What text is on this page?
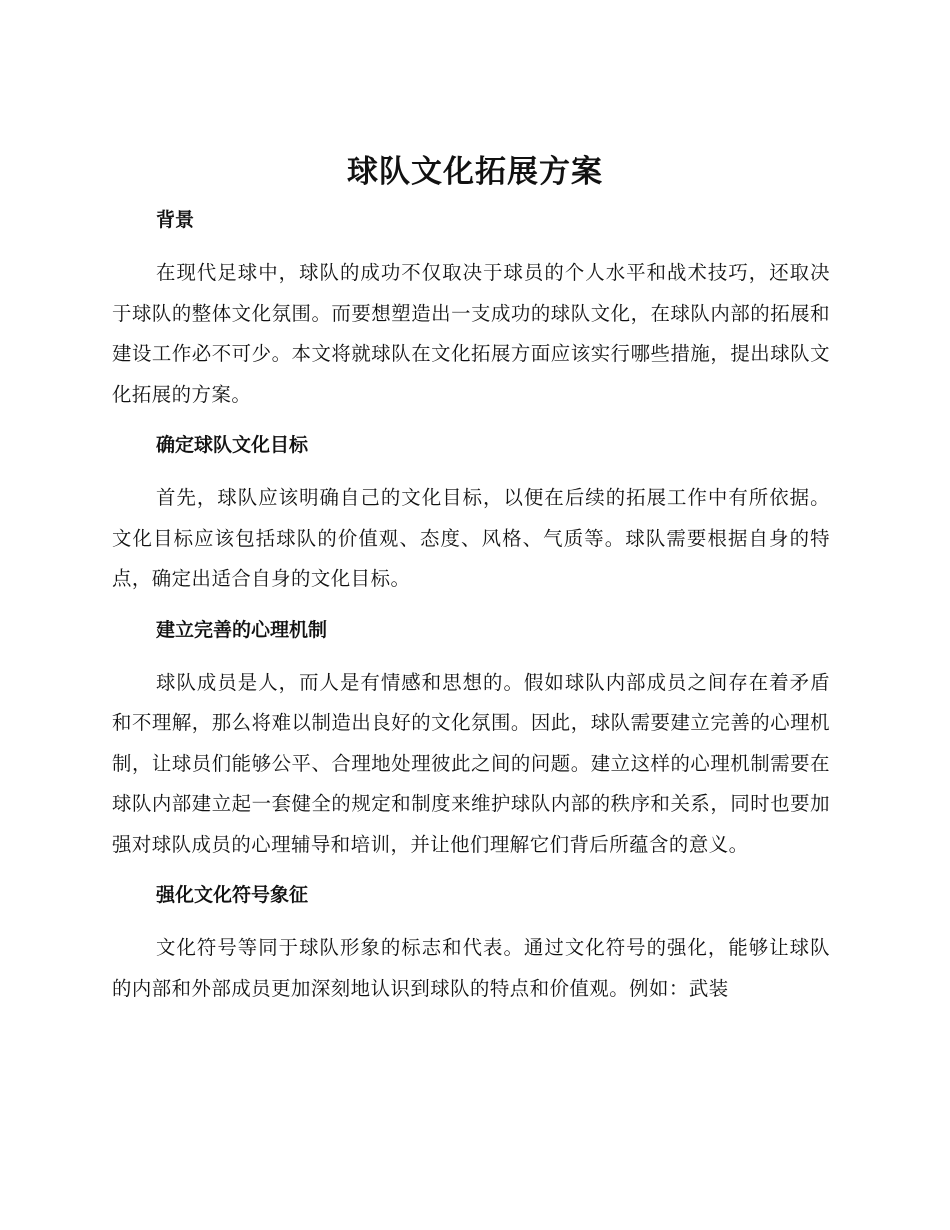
球队文化拓展方案
背景

在现代足球中，球队的成功不仅取决于球员的个人水平和战术技巧，还取决于球队的整体文化氛围。而要想塑造出一支成功的球队文化，在球队内部的拓展和建设工作必不可少。本文将就球队在文化拓展方面应该实行哪些措施，提出球队文化拓展的方案。

确定球队文化目标

首先，球队应该明确自己的文化目标，以便在后续的拓展工作中有所依据。文化目标应该包括球队的价值观、态度、风格、气质等。球队需要根据自身的特点，确定出适合自身的文化目标。

建立完善的心理机制

球队成员是人，而人是有情感和思想的。假如球队内部成员之间存在着矛盾和不理解，那么将难以制造出良好的文化氛围。因此，球队需要建立完善的心理机制，让球员们能够公平、合理地处理彼此之间的问题。建立这样的心理机制需要在球队内部建立起一套健全的规定和制度来维护球队内部的秩序和关系，同时也要加强对球队成员的心理辅导和培训，并让他们理解它们背后所蕴含的意义。

强化文化符号象征

文化符号等同于球队形象的标志和代表。通过文化符号的强化，能够让球队的内部和外部成员更加深刻地认识到球队的特点和价值观。例如：武装
